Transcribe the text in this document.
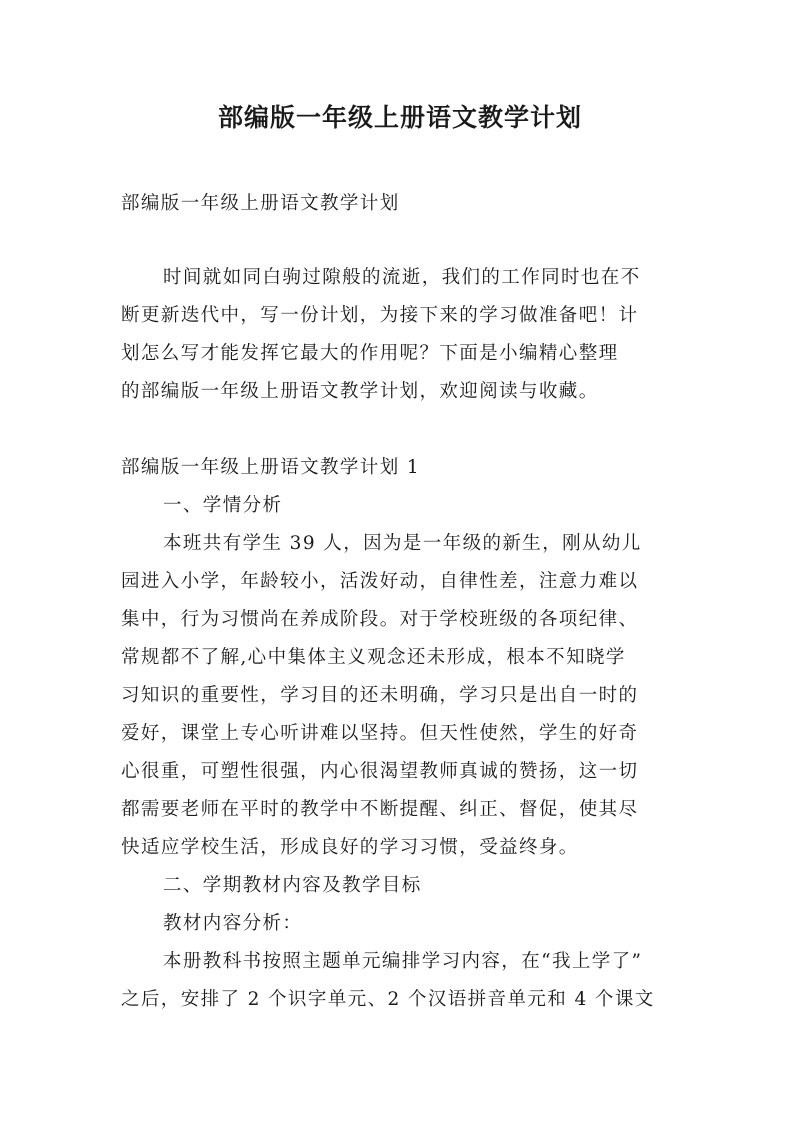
部编版一年级上册语文教学计划
部编版一年级上册语文教学计划
时间就如同白驹过隙般的流逝，我们的工作同时也在不
断更新迭代中，写一份计划，为接下来的学习做准备吧！计
划怎么写才能发挥它最大的作用呢？下面是小编精心整理
的部编版一年级上册语文教学计划，欢迎阅读与收藏。
部编版一年级上册语文教学计划 1
一、学情分析
本班共有学生 39 人，因为是一年级的新生，刚从幼儿
园进入小学，年龄较小，活泼好动，自律性差，注意力难以
集中，行为习惯尚在养成阶段。对于学校班级的各项纪律、
常规都不了解,心中集体主义观念还未形成，根本不知晓学
习知识的重要性，学习目的还未明确，学习只是出自一时的
爱好，课堂上专心听讲难以坚持。但天性使然，学生的好奇
心很重，可塑性很强，内心很渴望教师真诚的赞扬，这一切
都需要老师在平时的教学中不断提醒、纠正、督促，使其尽
快适应学校生活，形成良好的学习习惯，受益终身。
二、学期教材内容及教学目标
教材内容分析：
本册教科书按照主题单元编排学习内容，在“我上学了”
之后，安排了 2 个识字单元、2 个汉语拼音单元和 4 个课文
